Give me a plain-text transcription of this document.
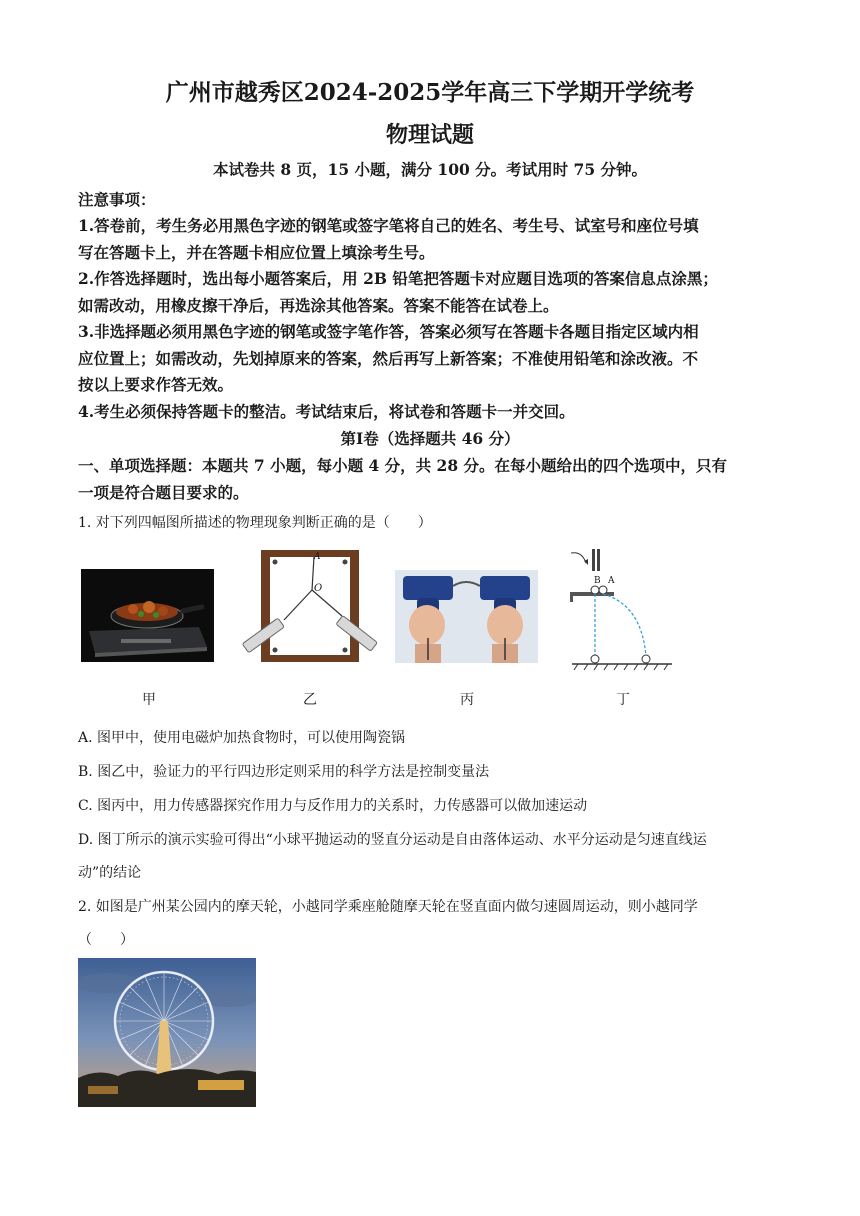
广州市越秀区2024-2025学年高三下学期开学统考
物理试题
本试卷共 8 页，15 小题，满分 100 分。考试用时 75 分钟。
注意事项：
1.答卷前，考生务必用黑色字迹的钢笔或签字笔将自己的姓名、考生号、试室号和座位号填
写在答题卡上，并在答题卡相应位置上填涂考生号。
2.作答选择题时，选出每小题答案后，用 2B 铅笔把答题卡对应题目选项的答案信息点涂黑；
如需改动，用橡皮擦干净后，再选涂其他答案。答案不能答在试卷上。
3.非选择题必须用黑色字迹的钢笔或签字笔作答，答案必须写在答题卡各题目指定区域内相
应位置上；如需改动，先划掉原来的答案，然后再写上新答案；不准使用铅笔和涂改液。不
按以上要求作答无效。
4.考生必须保持答题卡的整洁。考试结束后，将试卷和答题卡一并交回。
第Ⅰ卷（选择题共 46 分）
一、单项选择题：本题共 7 小题，每小题 4 分，共 28 分。在每小题给出的四个选项中，只有
一项是符合题目要求的。
1. 对下列四幅图所描述的物理现象判断正确的是（　　）
甲
A
O
乙	丙
B A
丁
A. 图甲中，使用电磁炉加热食物时，可以使用陶瓷锅
B. 图乙中，验证力的平行四边形定则采用的科学方法是控制变量法
C. 图丙中，用力传感器探究作用力与反作用力的关系时，力传感器可以做加速运动
D. 图丁所示的演示实验可得出“小球平抛运动的竖直分运动是自由落体运动、水平分运动是匀速直线运
动”的结论
2. 如图是广州某公园内的摩天轮，小越同学乘座舱随摩天轮在竖直面内做匀速圆周运动，则小越同学
（　　）
